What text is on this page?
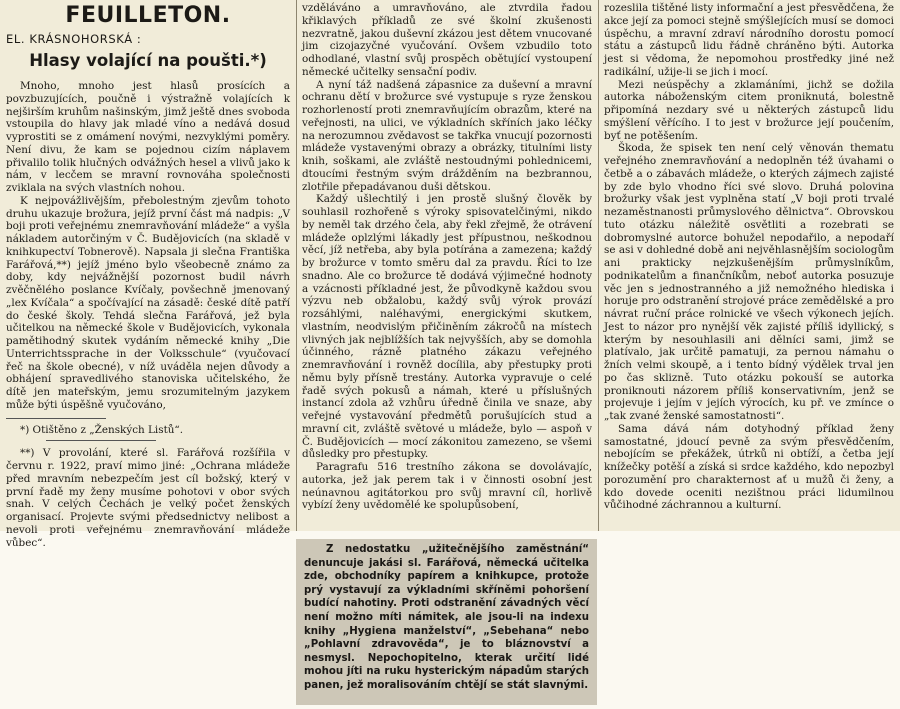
FEUILLETON.
EL. KRÁSNOHORSKÁ :
Hlasy volající na poušti.*)

Mnoho, mnoho jest hlasů prosících a povzbuzujících, poučně i výstražně volajících k nejširším kruhům našinským, jimž ještě dnes svoboda vstoupila do hlavy jak mladé víno a nedává dosud vyprostiti se z omámení novými, nezvyklými poměry. Není divu, že kam se pojednou cizím náplavem přivalilo tolik hlučných odvážných hesel a vlivů jako k nám, v lecčem se mravní rovnováha společnosti zviklala na svých vlastních nohou.

K nejpovážlivějším, přebolestným zjevům tohoto druhu ukazuje brožura, jejíž první část má nadpis: „V boji proti veřejnému znemravňování mládeže“ a vyšla nákladem autorčiným v Č. Budějovicích (na skladě v knihkupectví Tobnerově). Napsala ji slečna Františka Farářová,**) jejíž jméno bylo všeobecně známo za doby, kdy nejvážnější pozornost budil návrh zvěčnělého poslance Kvíčaly, povšechně jmenovaný „lex Kvíčala“ a spočívající na zásadě: české dítě patří do české školy. Tehdá slečna Farářová, jež byla učitelkou na německé škole v Budějovicích, vykonala pamětihodný skutek vydáním německé knihy „Die Unterrichtssprache in der Volksschule“ (vyučovací řeč na škole obecné), v níž uváděla nejen důvody a obhájení spravedlivého stanoviska učitelského, že dítě jen mateřským, jemu srozumitelným jazykem může býti úspěšně vyučováno,

*) Otištěno z „Ženských Listů“.

**) V provolání, které sl. Farářová rozšířila v červnu r. 1922, praví mimo jiné: „Ochrana mládeže před mravním nebezpečím jest cíl božský, který v první řadě my ženy musíme pohotovi v obor svých snah. V celých Čechách je velký počet ženských organisací. Projevte svými předsednictvy nelibost a nevoli proti veřejnému znemravňování mládeže vůbec“.

vzděláváno a umravňováno, ale ztvrdila řadou křiklavých příkladů ze své školní zkušenosti nezvratně, jakou duševní zkázou jest dětem vnucované jim cizojazyčné vyučování. Ovšem vzbudilo toto odhodlané, vlastní svůj prospěch obětující vystoupení německé učitelky sensační podiv.

A nyní táž nadšená zápasnice za duševní a mravní ochranu dětí v brožurce své vystupuje s ryze ženskou rozhorleností proti znemravňujícím obrazům, které na veřejnosti, na ulici, ve výkladních skříních jako léčky na nerozumnou zvědavost se takřka vnucují pozornosti mládeže vystavenými obrazy a obrázky, titulními listy knih, soškami, ale zvláště nestoudnými pohlednicemi, dtoucími řestným svým drážděním na bezbrannou, zlotřile přepadávanou duši dětskou.

Každý ušlechtilý i jen prostě slušný člověk by souhlasil rozhořeně s výroky spisovatelčinými, nikdo by neměl tak drzého čela, aby řekl zřejmě, že otrávení mládeže oplzlými lákadly jest přípustnou, neškodnou věcí, jíž netřeba, aby byla potírána a zamezena; každý by brožurce v tomto směru dal za pravdu. Říci to lze snadno. Ale co brožurce tě dodává výjimečné hodnoty a vzácnosti příkladné jest, že původkyně každou svou výzvu neb obžalobu, každý svůj výrok provází rozsáhlými, naléhavými, energickými skutkem, vlastním, neodvislým přičiněním zákročů na místech vlivných jak nejblížších tak nejvyšších, aby se domohla účinného, rázně platného zákazu veřejného znemravňování i rovněž docílila, aby přestupky proti němu byly přísně trestány. Autorka vypravuje o celé řadě svých pokusů a námah, které u příslušných instancí zdola až vzhůru úředně činila ve snaze, aby veřejné vystavování předmětů porušujících stud a mravní cit, zvláště světové u mládeže, bylo — aspoň v Č. Budějovicích — mocí zákonitou zamezeno, se všemi důsledky pro přestupky.

Paragrafu 516 trestního zákona se dovolávajíc, autorka, jež jak perem tak i v činnosti osobní jest neúnavnou agitátorkou pro svůj mravní cíl, horlivě vybízí ženy uvědomělé ke spolupůsobení,

rozeslila tištěné listy informační a jest přesvědčena, že akce její za pomoci stejně smýšlejících musí se domoci úspěchu, a mravní zdraví národního dorostu pomocí státu a zástupců lidu řádně chráněno býti. Autorka jest si vědoma, že nepomohou prostředky jiné než radikální, užije-li se jich i mocí.

Mezi neúspěchy a zklamáními, jichž se dožila autorka náboženským citem proniknutá, bolestně připomíná nezdary své u některých zástupců lidu smýšlení věřícího. I to jest v brožurce její poučením, byť ne potěšením.

Škoda, že spisek ten není celý věnován thematu veřejného znemravňování a nedoplněn též úvahami o četbě a o zábavách mládeže, o kterých zájmech zajisté by zde bylo vhodno říci své slovo. Druhá polovina brožurky však jest vyplněna statí „V boji proti trvalé nezaměstnanosti průmyslového dělnictva“. Obrovskou tuto otázku náležitě osvětliti a rozebrati se dobromyslné autorce bohužel nepodařilo, a nepodaří se asi v dohledné době ani nejvěhlasnějším sociologům ani prakticky nejzkušenějším průmyslníkům, podnikatelům a finančníkům, neboť autorka posuzuje věc jen s jednostranného a již nemožného hlediska i horuje pro odstranění strojové práce zemědělské a pro návrat ruční práce rolnické ve všech výkonech jejích. Jest to názor pro nynější věk zajisté příliš idyllický, s kterým by nesouhlasili ani dělníci sami, jimž se platívalo, jak určitě pamatuji, za pernou námahu o žních velmi skoupě, a i tento bídný výdělek trval jen po čas sklizně. Tuto otázku pokouší se autorka proniknouti názorem příliš konservativním, jenž se projevuje i jejím v jejích výrocích, ku př. ve zmínce o „tak zvané ženské samostatnosti“.

Sama dává nám dotyhodný příklad ženy samostatné, jdoucí pevně za svým přesvědčením, nebojícím se překážek, útrků ni obtíží, a četba její knížečky potěší a získá si srdce každého, kdo nepozbyl porozumění pro charakternost ať u mužů či ženy, a kdo dovede oceniti nezištnou práci lidumilnou vůčihodné záchrannou a kulturní.

Z nedostatku „užitečnějšího zaměstnání“ denuncuje jakási sl. Farářová, německá učitelka zde, obchodníky papírem a knihkupce, protože prý vystavují za výkladními skříněmi pohoršení budící nahotiny. Proti odstranění závadných věcí není možno míti námitek, ale jsou-li na indexu knihy „Hygiena manželství“, „Sebehana“ nebo „Pohlavní zdravověda“, je to bláznovství a nesmysl. Nepochopitelno, kterak určití lidé mohou jíti na ruku hysterickým nápadům starých panen, jež moralisováním chtějí se stát slavnými.
